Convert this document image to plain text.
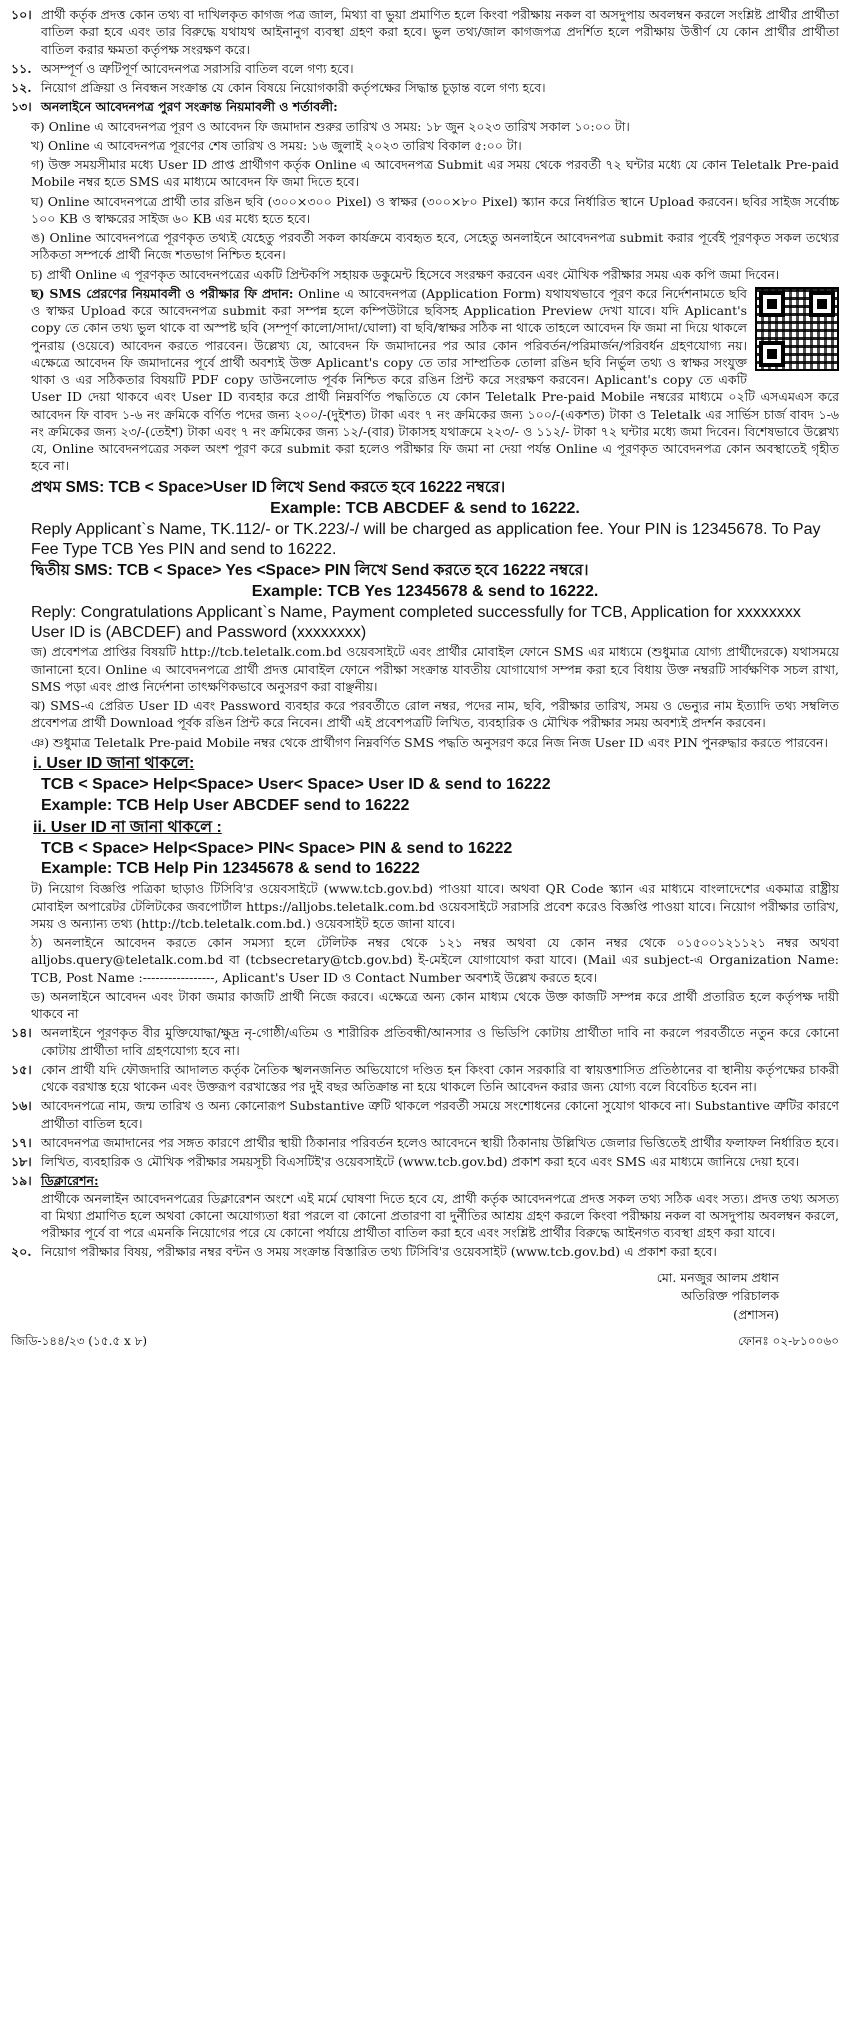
১০। প্রার্থী কর্তৃক প্রদত্ত কোন তথ্য বা দাখিলকৃত কাগজ পত্র জাল, মিথ্যা বা ভুয়া প্রমাণিত হলে কিংবা পরীক্ষায় নকল বা অসদুপায় অবলম্বন করলে সংশ্লিষ্ট প্রার্থীর প্রার্থীতা বাতিল করা হবে এবং তার বিরুদ্ধে যথাযথ আইনানুগ ব্যবস্থা গ্রহণ করা হবে। ভুল তথ্য/জাল কাগজপত্র প্রদর্শিত হলে পরীক্ষায় উত্তীর্ণ যে কোন প্রার্থীর প্রার্থীতা বাতিল করার ক্ষমতা কর্তৃপক্ষ সংরক্ষণ করে।
১১. অসম্পূর্ণ ও ত্রুটিপূর্ণ আবেদনপত্র সরাসরি বাতিল বলে গণ্য হবে।
১২. নিয়োগ প্রক্রিয়া ও নিবন্ধন সংক্রান্ত যে কোন বিষয়ে নিয়োগকারী কর্তৃপক্ষের সিদ্ধান্ত চূড়ান্ত বলে গণ্য হবে।
১৩। অনলাইনে আবেদনপত্র পুরণ সংক্রান্ত নিয়মাবলী ও শর্তাবলী:
ক) Online এ আবেদনপত্র পূরণ ও আবেদন ফি জমাদান শুরুর তারিখ ও সময়: ১৮ জুন ২০২৩ তারিখ সকাল ১০:০০ টা।
খ) Online এ আবেদনপত্র পূরণের শেষ তারিখ ও সময়: ১৬ জুলাই ২০২৩ তারিখ বিকাল ৫:০০ টা।
গ) উক্ত সময়সীমার মধ্যে User ID প্রাপ্ত প্রার্থীগণ কর্তৃক Online এ আবেদনপত্র Submit এর সময় থেকে পরবর্তী ৭২ ঘন্টার মধ্যে যে কোন Teletalk Pre-paid Mobile নম্বর হতে SMS এর মাধ্যমে আবেদন ফি জমা দিতে হবে।
ঘ) Online আবেদনপত্রে প্রার্থী তার রঙিন ছবি (৩০০×৩০০ Pixel) ও স্বাক্ষর (৩০০×৮০ Pixel) স্ক্যান করে নির্ধারিত স্থানে Upload করবেন। ছবির সাইজ সর্বোচ্চ ১০০ KB ও স্বাক্ষরের সাইজ ৬০ KB এর মধ্যে হতে হবে।
ঙ) Online আবেদনপত্রে পূরণকৃত তথ্যই যেহেতু পরবর্তী সকল কার্যক্রমে ব্যবহৃত হবে, সেহেতু অনলাইনে আবেদনপত্র submit করার পূর্বেই পূরণকৃত সকল তথ্যের সঠিকতা সম্পর্কে প্রার্থী নিজে শতভাগ নিশ্চিত হবেন।
চ) প্রার্থী Online এ পূরণকৃত আবেদনপত্রের একটি প্রিন্টকপি সহায়ক ডকুমেন্ট হিসেবে সংরক্ষণ করবেন এবং মৌখিক পরীক্ষার সময় এক কপি জমা দিবেন।
ছ) SMS প্রেরণের নিয়মাবলী ও পরীক্ষার ফি প্রদান: Online এ আবেদনপত্র (Application Form) যথাযথভাবে পূরণ করে নির্দেশনামতে ছবি ও স্বাক্ষর Upload করে আবেদনপত্র submit করা সম্পন্ন হলে কম্পিউটারে ছবিসহ Application Preview দেখা যাবে। যদি Aplicant's copy তে কোন তথ্য ভুল থাকে বা অস্পষ্ট ছবি (সম্পূর্ণ কালো/সাদা/ঘোলা) বা ছবি/স্বাক্ষর সঠিক না থাকে তাহলে আবেদন ফি জমা না দিয়ে থাকলে পুনরায় (ওয়েবে) আবেদন করতে পারবেন। উল্লেখ্য যে, আবেদন ফি জমাদানের পর আর কোন পরিবর্তন/পরিমার্জন/পরিবর্ধন গ্রহণযোগ্য নয়। এক্ষেত্রে আবেদন ফি জমাদানের পূর্বে প্রার্থী অবশ্যই উক্ত Aplicant's copy তে তার সাম্প্রতিক তোলা রঙিন ছবি নির্ভুল তথ্য ও স্বাক্ষর সংযুক্ত থাকা ও এর সঠিকতার বিষয়টি PDF copy ডাউনলোড পূর্বক নিশ্চিত করে রঙিন প্রিন্ট করে সংরক্ষণ করবেন। Aplicant's copy তে একটি User ID দেয়া থাকবে এবং User ID ব্যবহার করে প্রার্থী নিম্নবর্ণিত পদ্ধতিতে যে কোন Teletalk Pre-paid Mobile নম্বরের মাধ্যমে ০২টি এসএমএস করে আবেদন ফি বাবদ ১-৬ নং ক্রমিকে বর্ণিত পদের জন্য ২০০/-(দুইশত) টাকা এবং ৭ নং ক্রমিকের জন্য ১০০/-(একশত) টাকা ও Teletalk এর সার্ভিস চার্জ বাবদ ১-৬ নং ক্রমিকের জন্য ২৩/-(তেইশ) টাকা এবং ৭ নং ক্রমিকের জন্য ১২/-(বার) টাকাসহ যথাক্রমে ২২৩/- ও ১১২/- টাকা ৭২ ঘন্টার মধ্যে জমা দিবেন। বিশেষভাবে উল্লেখ্য যে, Online আবেদনপত্রের সকল অংশ পূরণ করে submit করা হলেও পরীক্ষার ফি জমা না দেয়া পর্যন্ত Online এ পূরণকৃত আবেদনপত্র কোন অবস্থাতেই গৃহীত হবে না।
প্রথম SMS: TCB < Space>User ID লিখে Send করতে হবে 16222 নম্বরে।
Example: TCB ABCDEF & send to 16222.
Reply Applicant`s Name, TK.112/- or TK.223/-/ will be charged as application fee. Your PIN is 12345678. To Pay Fee Type TCB Yes PIN and send to 16222.
দ্বিতীয় SMS: TCB < Space> Yes <Space> PIN লিখে Send করতে হবে 16222 নম্বরে।
Example: TCB Yes 12345678 & send to 16222.
Reply: Congratulations Applicant`s Name, Payment completed successfully for TCB, Application for xxxxxxxx User ID is (ABCDEF) and Password (xxxxxxxx)
জ) প্রবেশপত্র প্রাপ্তির বিষয়টি http://tcb.teletalk.com.bd ওয়েবসাইটে এবং প্রার্থীর মোবাইল ফোনে SMS এর মাধ্যমে (শুধুমাত্র যোগ্য প্রার্থীদেরকে) যথাসময়ে জানানো হবে। Online এ আবেদনপত্রে প্রার্থী প্রদত্ত মোবাইল ফোনে পরীক্ষা সংক্রান্ত যাবতীয় যোগাযোগ সম্পন্ন করা হবে বিধায় উক্ত নম্বরটি সার্বক্ষণিক সচল রাখা, SMS পড়া এবং প্রাপ্ত নির্দেশনা তাৎক্ষণিকভাবে অনুসরণ করা বাঞ্ছনীয়।
ঝ) SMS-এ প্রেরিত User ID এবং Password ব্যবহার করে পরবর্তীতে রোল নম্বর, পদের নাম, ছবি, পরীক্ষার তারিখ, সময় ও ভেন্যুর নাম ইত্যাদি তথ্য সম্বলিত প্রবেশপত্র প্রার্থী Download পূর্বক রঙিন প্রিন্ট করে নিবেন। প্রার্থী এই প্রবেশপত্রটি লিখিত, ব্যবহারিক ও মৌখিক পরীক্ষার সময় অবশ্যই প্রদর্শন করবেন।
ঞ) শুধুমাত্র Teletalk Pre-paid Mobile নম্বর থেকে প্রার্থীগণ নিম্নবর্ণিত SMS পদ্ধতি অনুসরণ করে নিজ নিজ User ID এবং PIN পুনরুদ্ধার করতে পারবেন।
i. User ID জানা থাকলে:
TCB < Space> Help<Space> User< Space> User ID & send to 16222
Example: TCB Help User ABCDEF send to 16222
ii. User ID না জানা থাকলে :
TCB < Space> Help<Space> PIN< Space> PIN & send to 16222
Example: TCB Help Pin 12345678 & send to 16222
ট) নিয়োগ বিজ্ঞপ্তি পত্রিকা ছাড়াও টিসিবি'র ওয়েবসাইটে (www.tcb.gov.bd) পাওয়া যাবে। অথবা QR Code স্ক্যান এর মাধ্যমে বাংলাদেশের একমাত্র রাষ্ট্রীয় মোবাইল অপারেটর টেলিটকের জবপোর্টাল https://alljobs.teletalk.com.bd ওয়েবসাইটে সরাসরি প্রবেশ করেও বিজ্ঞপ্তি পাওয়া যাবে। নিয়োগ পরীক্ষার তারিখ, সময় ও অন্যান্য তথ্য (http://tcb.teletalk.com.bd.) ওয়েবসাইট হতে জানা যাবে।
ঠ) অনলাইনে আবেদন করতে কোন সমস্যা হলে টেলিটক নম্বর থেকে ১২১ নম্বর অথবা যে কোন নম্বর থেকে ০১৫০০১২১১২১ নম্বর অথবা alljobs.query@teletalk.com.bd বা (tcbsecretary@tcb.gov.bd) ই-মেইলে যোগাযোগ করা যাবে। (Mail এর subject-এ Organization Name: TCB, Post Name :-----------------, Aplicant's User ID ও Contact Number অবশ্যই উল্লেখ করতে হবে।
ড) অনলাইনে আবেদন এবং টাকা জমার কাজটি প্রার্থী নিজে করবে। এক্ষেত্রে অন্য কোন মাধ্যম থেকে উক্ত কাজটি সম্পন্ন করে প্রার্থী প্রতারিত হলে কর্তৃপক্ষ দায়ী থাকবে না
১৪। অনলাইনে পূরণকৃত বীর মুক্তিযোদ্ধা/ক্ষুদ্র নৃ-গোষ্ঠী/এতিম ও শারীরিক প্রতিবন্ধী/আনসার ও ভিডিপি কোটায় প্রার্থীতা দাবি না করলে পরবর্তীতে নতুন করে কোনো কোটায় প্রার্থীতা দাবি গ্রহণযোগ্য হবে না।
১৫। কোন প্রার্থী যদি ফৌজদারি আদালত কর্তৃক নৈতিক স্খলনজনিত অভিযোগে দণ্ডিত হন কিংবা কোন সরকারি বা স্বায়ত্তশাসিত প্রতিষ্ঠানের বা স্থানীয় কর্তৃপক্ষের চাকরী থেকে বরখাস্ত হয়ে থাকেন এবং উক্তরূপ বরখাস্তের পর দুই বছর অতিক্রান্ত না হয়ে থাকলে তিনি আবেদন করার জন্য যোগ্য বলে বিবেচিত হবেন না।
১৬। আবেদনপত্রে নাম, জন্ম তারিখ ও অন্য কোনোরূপ Substantive ত্রুটি থাকলে পরবর্তী সময়ে সংশোধনের কোনো সুযোগ থাকবে না। Substantive ত্রুটির কারণে প্রার্থীতা বাতিল হবে।
১৭। আবেদনপত্র জমাদানের পর সঙ্গত কারণে প্রার্থীর স্থায়ী ঠিকানার পরিবর্তন হলেও আবেদনে স্থায়ী ঠিকানায় উল্লিখিত জেলার ভিত্তিতেই প্রার্থীর ফলাফল নির্ধারিত হবে।
১৮। লিখিত, ব্যবহারিক ও মৌখিক পরীক্ষার সময়সূচী বিএসটিই'র ওয়েবসাইটে (www.tcb.gov.bd) প্রকাশ করা হবে এবং SMS এর মাধ্যমে জানিয়ে দেয়া হবে।
১৯। ডিক্লারেশন:
প্রার্থীকে অনলাইন আবেদনপত্রের ডিক্লারেশন অংশে এই মর্মে ঘোষণা দিতে হবে যে, প্রার্থী কর্তৃক আবেদনপত্রে প্রদত্ত সকল তথ্য সঠিক এবং সত্য। প্রদত্ত তথ্য অসত্য বা মিথ্যা প্রমাণিত হলে অথবা কোনো অযোগ্যতা ধরা পরলে বা কোনো প্রতারণা বা দুর্নীতির আশ্রয় গ্রহণ করলে কিংবা পরীক্ষায় নকল বা অসদুপায় অবলম্বন করলে, পরীক্ষার পূর্বে বা পরে এমনকি নিয়োগের পরে যে কোনো পর্যায়ে প্রার্থীতা বাতিল করা হবে এবং সংশ্লিষ্ট প্রার্থীর বিরুদ্ধে আইনগত ব্যবস্থা গ্রহণ করা যাবে।
২০. নিয়োগ পরীক্ষার বিষয়, পরীক্ষার নম্বর বন্টন ও সময় সংক্রান্ত বিস্তারিত তথ্য টিসিবি'র ওয়েবসাইট (www.tcb.gov.bd) এ প্রকাশ করা হবে।
মো. মনজুর আলম প্রধান
অতিরিক্ত পরিচালক
(প্রশাসন)
জিডি-১৪৪/২৩ (১৫.৫ x ৮)	ফোনঃ ০২-৮১০০৬০
